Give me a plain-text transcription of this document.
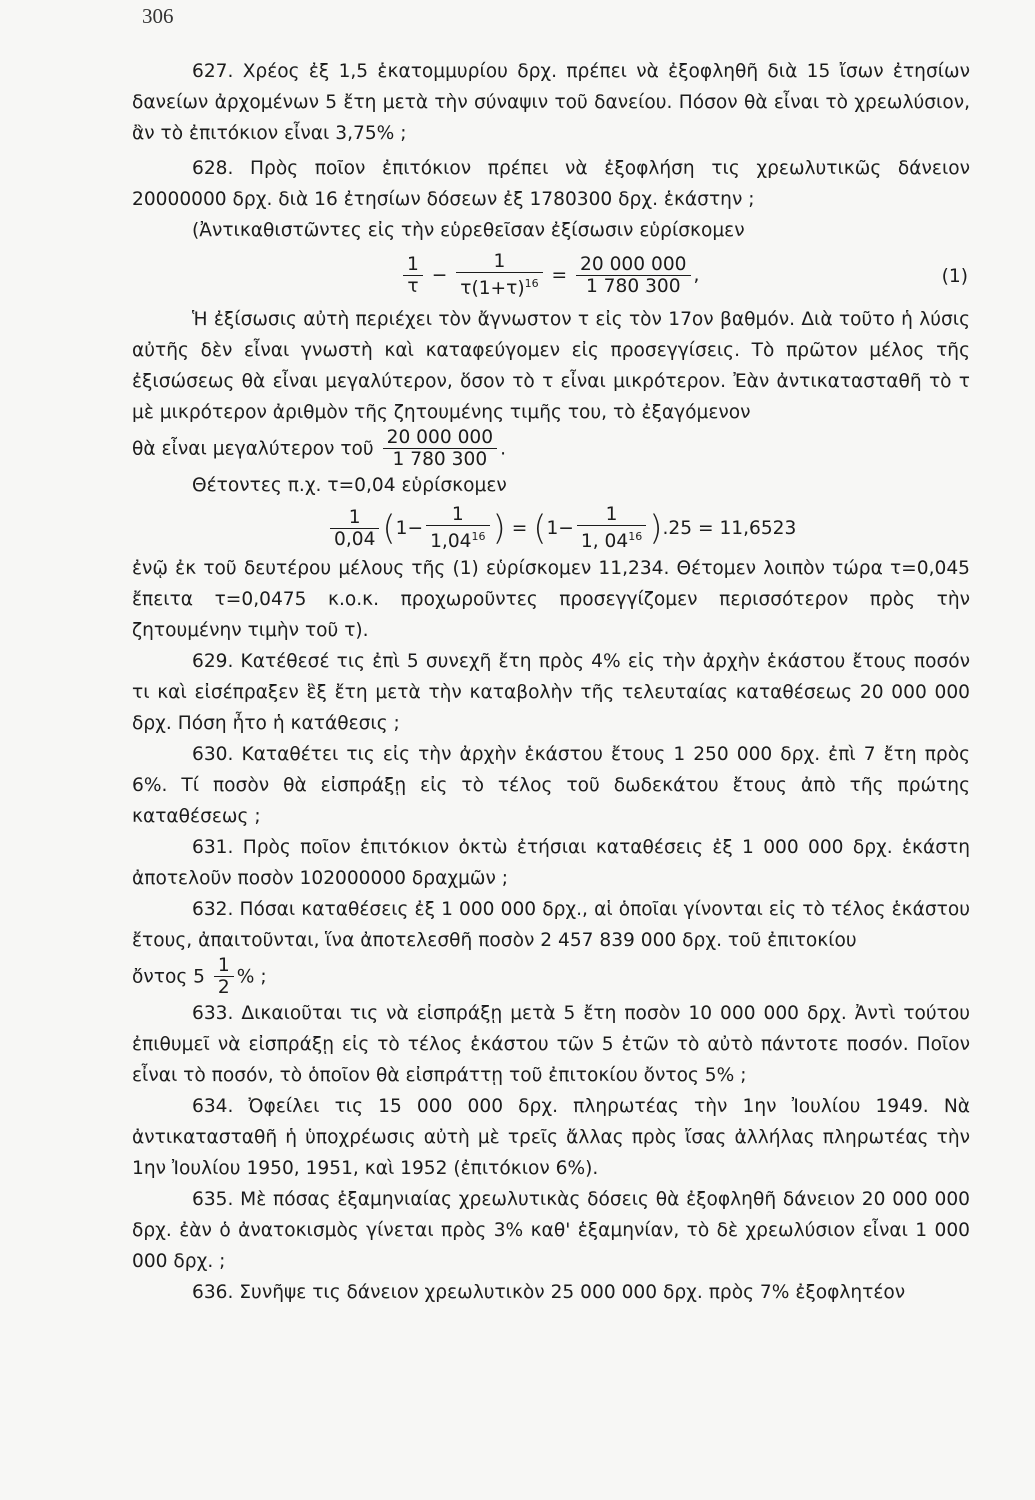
306

627. Χρέος ἐξ 1,5 ἑκατομμυρίου δρχ. πρέπει νὰ ἐξοφληθῆ διὰ 15 ἴσων ἐτησίων δανείων ἀρχομένων 5 ἔτη μετὰ τὴν σύναψιν τοῦ δανείου. Πόσον θὰ εἶναι τὸ χρεωλύσιον, ἂν τὸ ἐπιτόκιον εἶναι 3,75% ;

628. Πρὸς ποῖον ἐπιτόκιον πρέπει νὰ ἐξοφλήση τις χρεωλυτικῶς δάνειον 20000000 δρχ. διὰ 16 ἐτησίων δόσεων ἐξ 1780300 δρχ. ἑκάστην ;

(Ἀντικαθιστῶντες εἰς τὴν εὑρεθεῖσαν ἐξίσωσιν εὑρίσκομεν

$\frac{1}{\tau} - \frac{1}{\tau(1+\tau)^{16}} = \frac{20 000 000}{1 780 300}$ ,	(1)

Ἡ ἐξίσωσις αὐτὴ περιέχει τὸν ἄγνωστον τ εἰς τὸν 17ον βαθμόν. Διὰ τοῦτο ἡ λύσις αὐτῆς δὲν εἶναι γνωστὴ καὶ καταφεύγομεν εἰς προσεγγίσεις. Τὸ πρῶτον μέλος τῆς ἐξισώσεως θὰ εἶναι μεγαλύτερον, ὅσον τὸ τ εἶναι μικρότερον. Ἐὰν ἀντικατασταθῆ τὸ τ μὲ μικρότερον ἀριθμὸν τῆς ζητουμένης τιμῆς του, τὸ ἐξαγόμενον

θὰ εἶναι μεγαλύτερον τοῦ $\frac{20 000 000}{1 780 300}$ .

Θέτοντες π.χ. τ=0,04 εὑρίσκομεν

$\frac{1}{0,04} (1- \frac{1}{1,04^{16}}$ ) = $(1- \frac{1}{1, 04^{16}} ).25 = 11,6523$

ἐνῷ ἐκ τοῦ δευτέρου μέλους τῆς (1) εὑρίσκομεν 11,234. Θέτομεν λοιπὸν τώρα τ=0,045 ἔπειτα τ=0,0475 κ.ο.κ. προχωροῦντες προσεγγίζομεν περισσότερον πρὸς τὴν ζητουμένην τιμὴν τοῦ τ).

629. Κατέθεσέ τις ἐπὶ 5 συνεχῆ ἔτη πρὸς 4% εἰς τὴν ἀρχὴν ἑκάστου ἔτους ποσόν τι καὶ εἰσέπραξεν ἓξ ἔτη μετὰ τὴν καταβολὴν τῆς τελευταίας καταθέσεως 20 000 000 δρχ. Πόση ἦτο ἡ κατάθεσις ;

630. Καταθέτει τις εἰς τὴν ἀρχὴν ἑκάστου ἔτους 1 250 000 δρχ. ἐπὶ 7 ἔτη πρὸς 6%. Τί ποσὸν θὰ εἰσπράξῃ εἰς τὸ τέλος τοῦ δωδεκάτου ἔτους ἀπὸ τῆς πρώτης καταθέσεως ;

631. Πρὸς ποῖον ἐπιτόκιον ὀκτὼ ἐτήσιαι καταθέσεις ἐξ 1 000 000 δρχ. ἑκάστη ἀποτελοῦν ποσὸν 102000000 δραχμῶν ;

632. Πόσαι καταθέσεις ἐξ 1 000 000 δρχ., αἱ ὁποῖαι γίνονται εἰς τὸ τέλος ἑκάστου ἔτους, ἀπαιτοῦνται, ἵνα ἀποτελεσθῆ ποσὸν 2 457 839 000 δρχ. τοῦ ἐπιτοκίου

ὄντος $5 \frac{1}{2}$ % ;

633. Δικαιοῦται τις νὰ εἰσπράξῃ μετὰ 5 ἔτη ποσὸν 10 000 000 δρχ. Ἀντὶ τούτου ἐπιθυμεῖ νὰ εἰσπράξῃ εἰς τὸ τέλος ἑκάστου τῶν 5 ἐτῶν τὸ αὐτὸ πάντοτε ποσόν. Ποῖον εἶναι τὸ ποσόν, τὸ ὁποῖον θὰ εἰσπράττῃ τοῦ ἐπιτοκίου ὄντος 5% ;

634. Ὀφείλει τις 15 000 000 δρχ. πληρωτέας τὴν 1ην Ἰουλίου 1949. Νὰ ἀντικατασταθῆ ἡ ὑποχρέωσις αὐτὴ μὲ τρεῖς ἄλλας πρὸς ἴσας ἀλλήλας πληρωτέας τὴν 1ην Ἰουλίου 1950, 1951, καὶ 1952 (ἐπιτόκιον 6%).

635. Μὲ πόσας ἑξαμηνιαίας χρεωλυτικὰς δόσεις θὰ ἐξοφληθῆ δάνειον 20 000 000 δρχ. ἐὰν ὁ ἀνατοκισμὸς γίνεται πρὸς 3% καθ' ἑξαμηνίαν, τὸ δὲ χρεωλύσιον εἶναι 1 000 000 δρχ. ;

636. Συνῆψε τις δάνειον χρεωλυτικὸν 25 000 000 δρχ. πρὸς 7% ἐξοφλητέον
